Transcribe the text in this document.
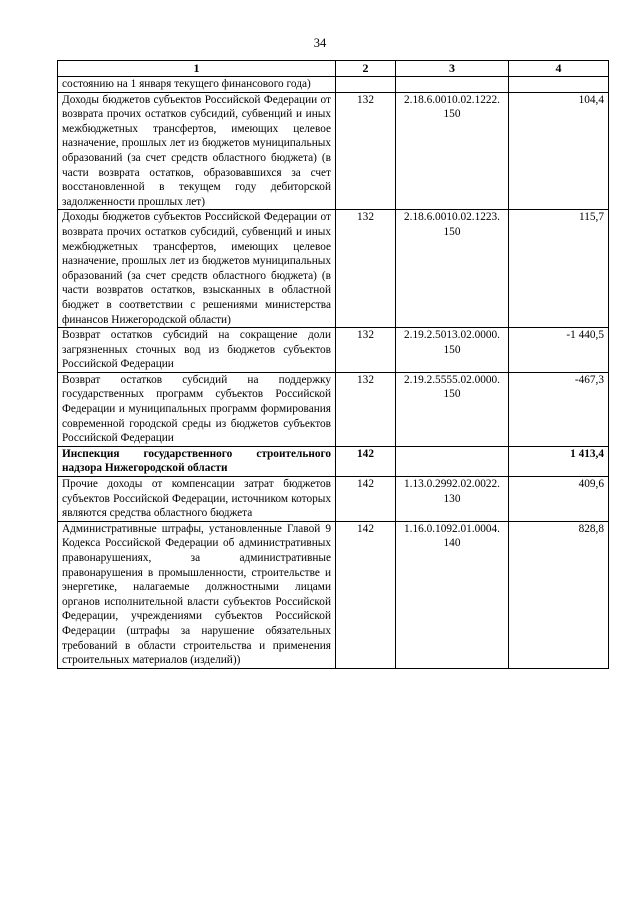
34
1	2	3	4
состоянию на 1 января текущего финансового года)			
Доходы бюджетов субъектов Российской Федерации от возврата прочих остатков субсидий, субвенций и иных межбюджетных трансфертов, имеющих целевое назначение, прошлых лет из бюджетов муниципальных образований (за счет средств областного бюджета) (в части возврата остатков, образовавшихся за счет восстановленной в текущем году дебиторской задолженности прошлых лет)	132	2.18.6.0010.02.1222. 150	104,4
Доходы бюджетов субъектов Российской Федерации от возврата прочих остатков субсидий, субвенций и иных межбюджетных трансфертов, имеющих целевое назначение, прошлых лет из бюджетов муниципальных образований (за счет средств областного бюджета) (в части возвратов остатков, взысканных в областной бюджет в соответствии с решениями министерства финансов Нижегородской области)	132	2.18.6.0010.02.1223. 150	115,7
Возврат остатков субсидий на сокращение доли загрязненных сточных вод из бюджетов субъектов Российской Федерации	132	2.19.2.5013.02.0000. 150	-1 440,5
Возврат остатков субсидий на поддержку государственных программ субъектов Российской Федерации и муниципальных программ формирования современной городской среды из бюджетов субъектов Российской Федерации	132	2.19.2.5555.02.0000. 150	-467,3
Инспекция государственного строительного надзора Нижегородской области	142		1 413,4
Прочие доходы от компенсации затрат бюджетов субъектов Российской Федерации, источником которых являются средства областного бюджета	142	1.13.0.2992.02.0022. 130	409,6
Административные штрафы, установленные Главой 9 Кодекса Российской Федерации об административных правонарушениях, за административные правонарушения в промышленности, строительстве и энергетике, налагаемые должностными лицами органов исполнительной власти субъектов Российской Федерации, учреждениями субъектов Российской Федерации (штрафы за нарушение обязательных требований в области строительства и применения строительных материалов (изделий))	142	1.16.0.1092.01.0004. 140	828,8
